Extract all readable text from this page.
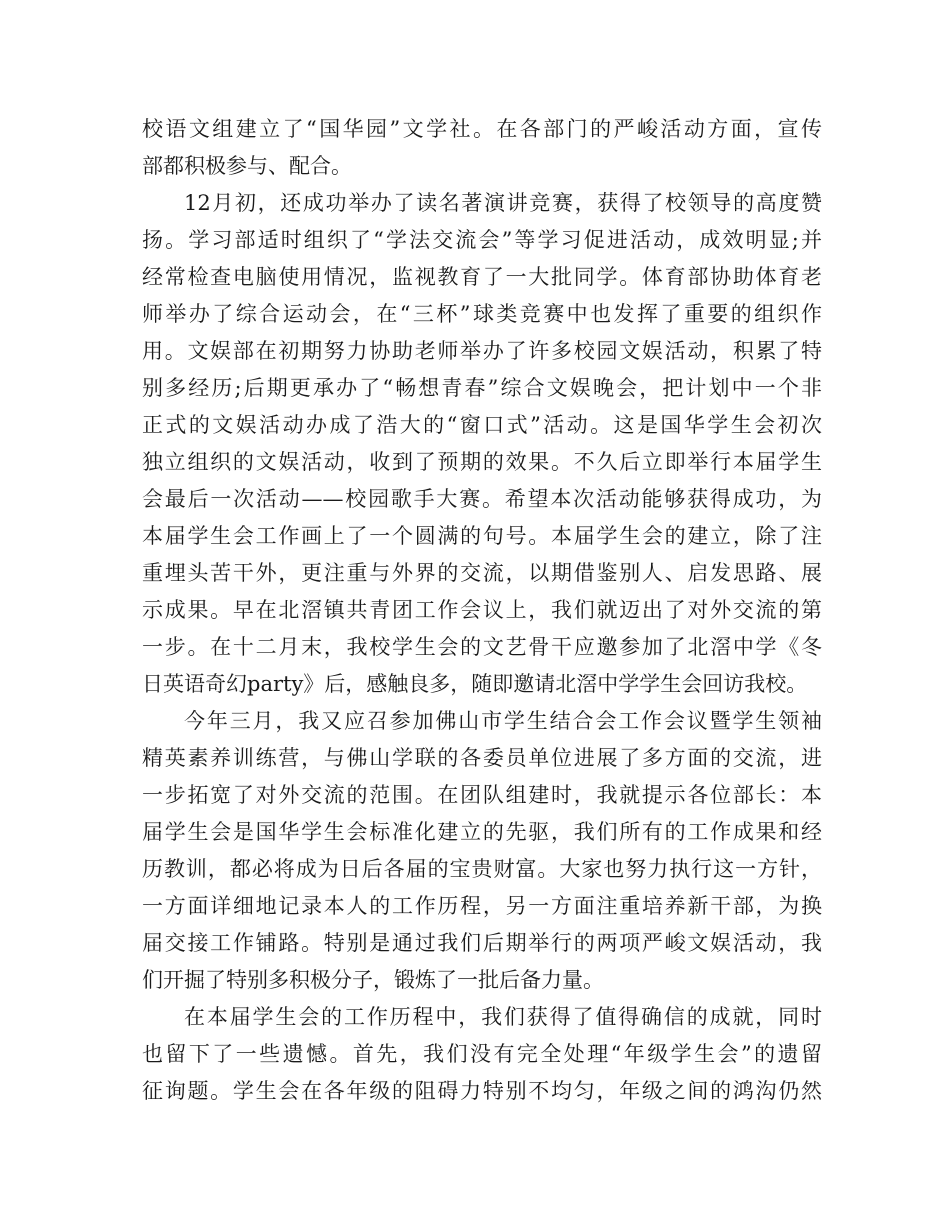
校语文组建立了“国华园”文学社。在各部门的严峻活动方面，宣传
部都积极参与、配合。
12月初，还成功举办了读名著演讲竞赛，获得了校领导的高度赞
扬。学习部适时组织了“学法交流会”等学习促进活动，成效明显;并
经常检查电脑使用情况，监视教育了一大批同学。体育部协助体育老
师举办了综合运动会，在“三杯”球类竞赛中也发挥了重要的组织作
用。文娱部在初期努力协助老师举办了许多校园文娱活动，积累了特
别多经历;后期更承办了“畅想青春”综合文娱晚会，把计划中一个非
正式的文娱活动办成了浩大的“窗口式”活动。这是国华学生会初次
独立组织的文娱活动，收到了预期的效果。不久后立即举行本届学生
会最后一次活动——校园歌手大赛。希望本次活动能够获得成功，为
本届学生会工作画上了一个圆满的句号。本届学生会的建立，除了注
重埋头苦干外，更注重与外界的交流，以期借鉴别人、启发思路、展
示成果。早在北滘镇共青团工作会议上，我们就迈出了对外交流的第
一步。在十二月末，我校学生会的文艺骨干应邀参加了北滘中学《冬
日英语奇幻party》后，感触良多，随即邀请北滘中学学生会回访我校。
今年三月，我又应召参加佛山市学生结合会工作会议暨学生领袖
精英素养训练营，与佛山学联的各委员单位进展了多方面的交流，进
一步拓宽了对外交流的范围。在团队组建时，我就提示各位部长：本
届学生会是国华学生会标准化建立的先驱，我们所有的工作成果和经
历教训，都必将成为日后各届的宝贵财富。大家也努力执行这一方针，
一方面详细地记录本人的工作历程，另一方面注重培养新干部，为换
届交接工作铺路。特别是通过我们后期举行的两项严峻文娱活动，我
们开掘了特别多积极分子，锻炼了一批后备力量。
在本届学生会的工作历程中，我们获得了值得确信的成就，同时
也留下了一些遗憾。首先，我们没有完全处理“年级学生会”的遗留
征询题。学生会在各年级的阻碍力特别不均匀，年级之间的鸿沟仍然
